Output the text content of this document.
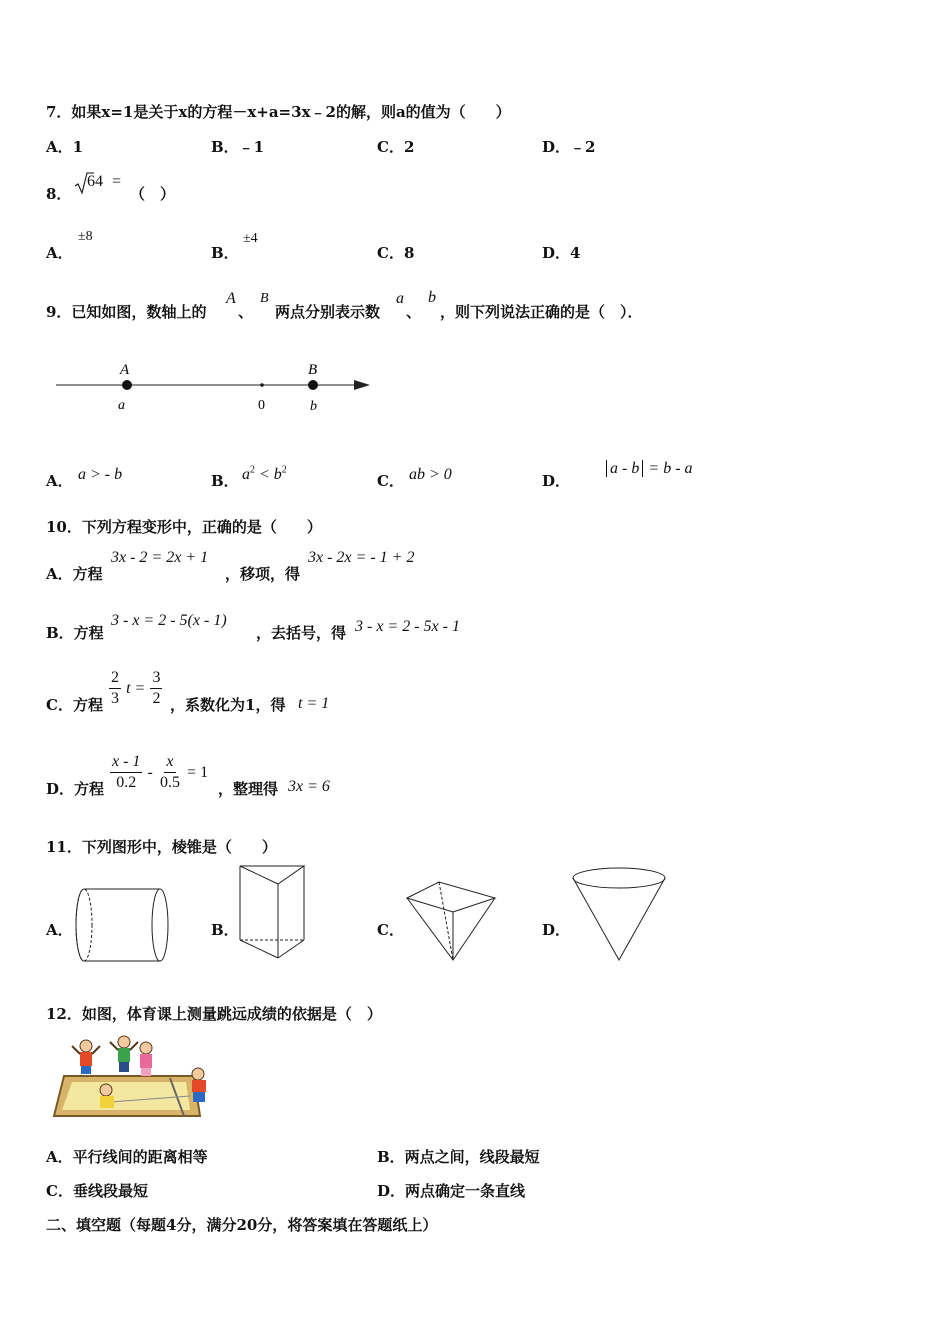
7．如果x=1是关于x的方程－x+a=3x﹣2的解，则a的值为（　　）
A．1	B．﹣1	C．2	D．﹣2
8．
64 =
（　）
A．
±8
B．
±4
C．8	D．4
9．已知如图，数轴上的
A
、
B
两点分别表示数
a
、
b
，则下列说法正确的是（　）．
A	B
a	0	b
A． a > - b	B． $a^2 < b^2$
C． ab > 0	D．
a - b = b - a
10．下列方程变形中，正确的是（　　）
A．方程
3x - 2 = 2x + 1
，移项，得
3x - 2x = - 1 + 2
B．方程
3 - x = 2 - 5(x - 1)
，去括号，得 3 - x = 2 - 5x - 1
C．方程 $\frac{2}{3}$ $t = \frac{3}{2}$ ，系数化为1，得 t = 1
D．方程 $\frac{x - 1}{0.2} - \frac{x}{0.5} = 1$
，整理得 3x = 6
11．下列图形中，棱锥是（　　）
A．	B．	C．	D．
12．如图，体育课上测量跳远成绩的依据是（　）
A．平行线间的距离相等	B．两点之间，线段最短
C．垂线段最短	D．两点确定一条直线
二、填空题（每题4分，满分20分，将答案填在答题纸上）
